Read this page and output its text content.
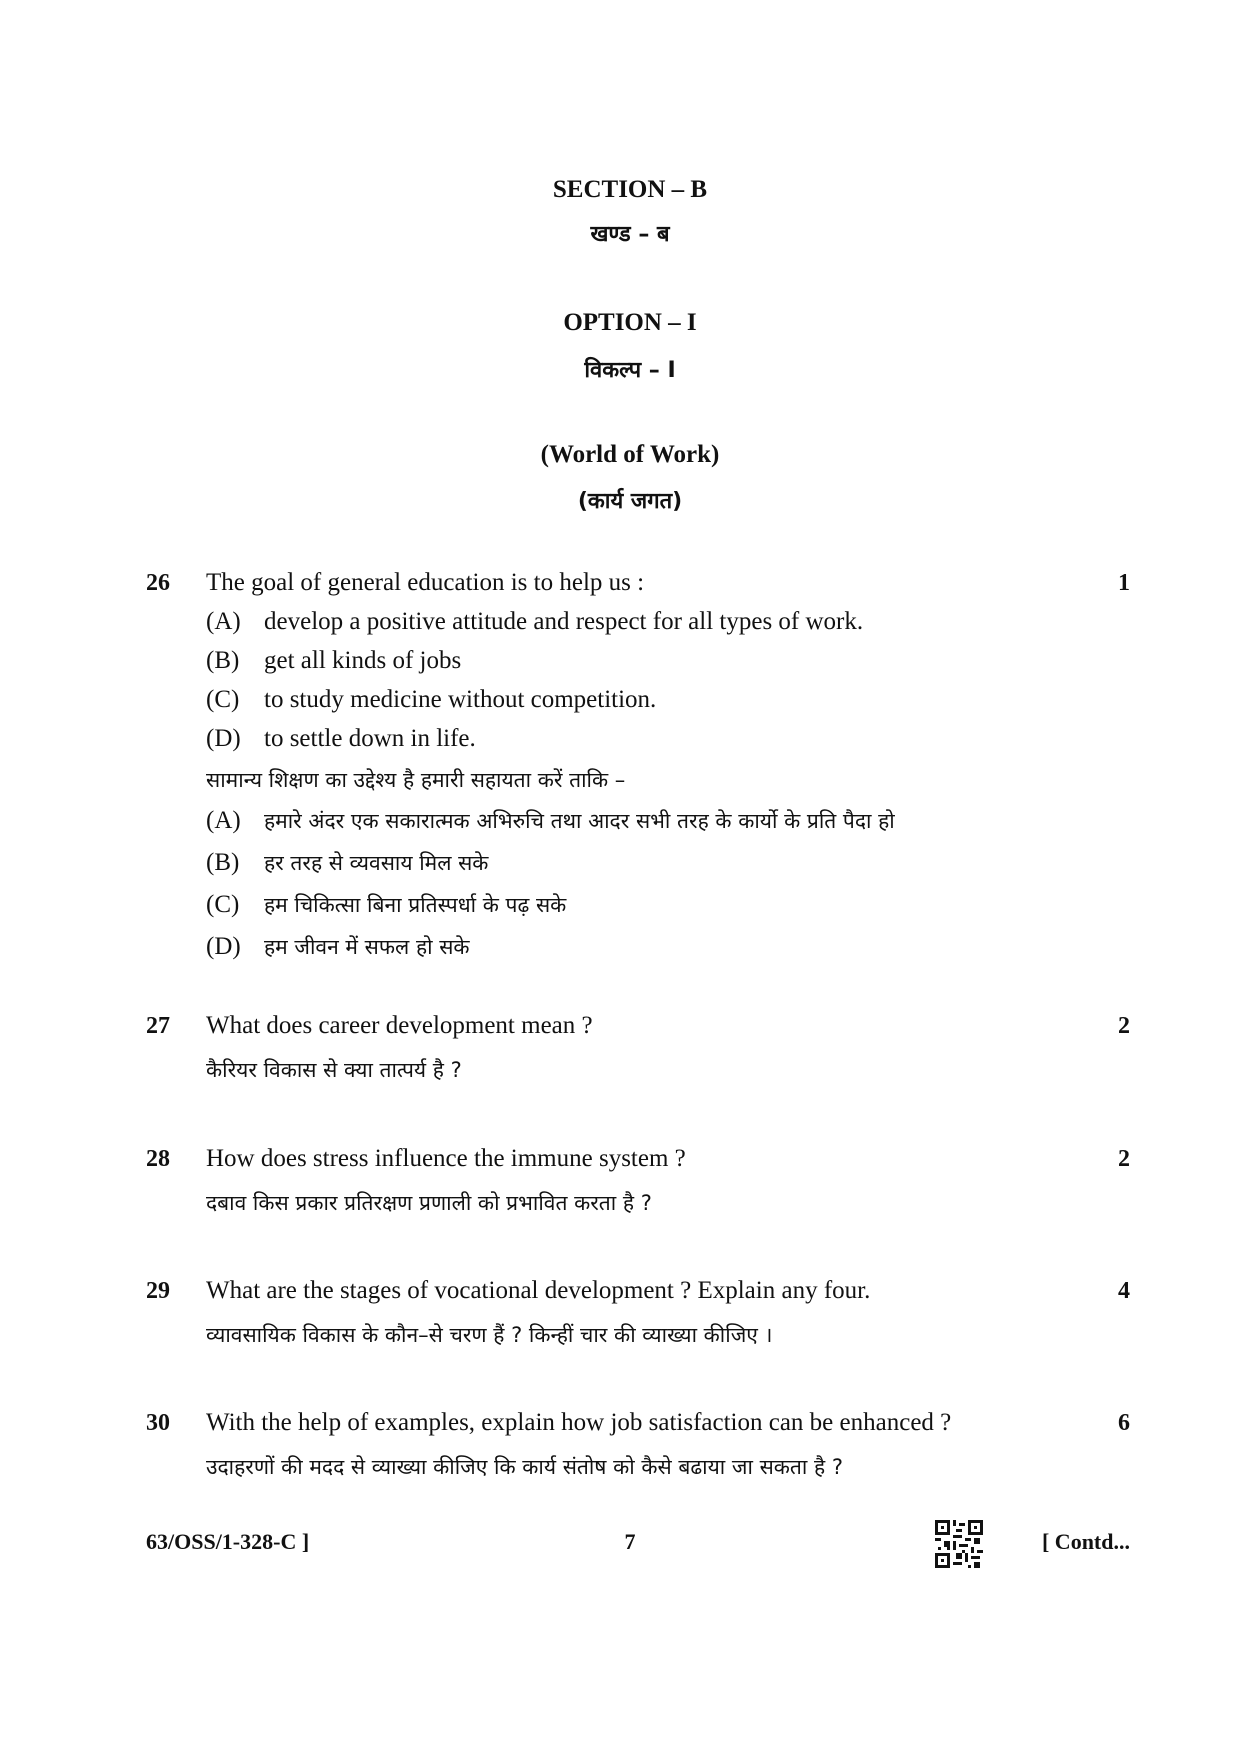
SECTION – B
खण्ड – ब
OPTION – I
विकल्प – I
(World of Work)
(कार्य जगत)
26	The goal of general education is to help us :	1
(A) develop a positive attitude and respect for all types of work.
(B) get all kinds of jobs
(C) to study medicine without competition.
(D) to settle down in life.
सामान्य शिक्षण का उद्देश्य है हमारी सहायता करें ताकि –
(A) हमारे अंदर एक सकारात्मक अभिरुचि तथा आदर सभी तरह के कार्यो के प्रति पैदा हो
(B) हर तरह से व्यवसाय मिल सके
(C) हम चिकित्सा बिना प्रतिस्पर्धा के पढ़ सके
(D) हम जीवन में सफल हो सके
27	What does career development mean ?	2
कैरियर विकास से क्या तात्पर्य है ?
28	How does stress influence the immune system ?	2
दबाव किस प्रकार प्रतिरक्षण प्रणाली को प्रभावित करता है ?
29	What are the stages of vocational development ? Explain any four.	4
व्यावसायिक विकास के कौन–से चरण हैं ? किन्हीं चार की व्याख्या कीजिए ।
30	With the help of examples, explain how job satisfaction can be enhanced ?	6
उदाहरणों की मदद से व्याख्या कीजिए कि कार्य संतोष को कैसे बढाया जा सकता है ?
63/OSS/1-328-C ]	7	[ Contd...
